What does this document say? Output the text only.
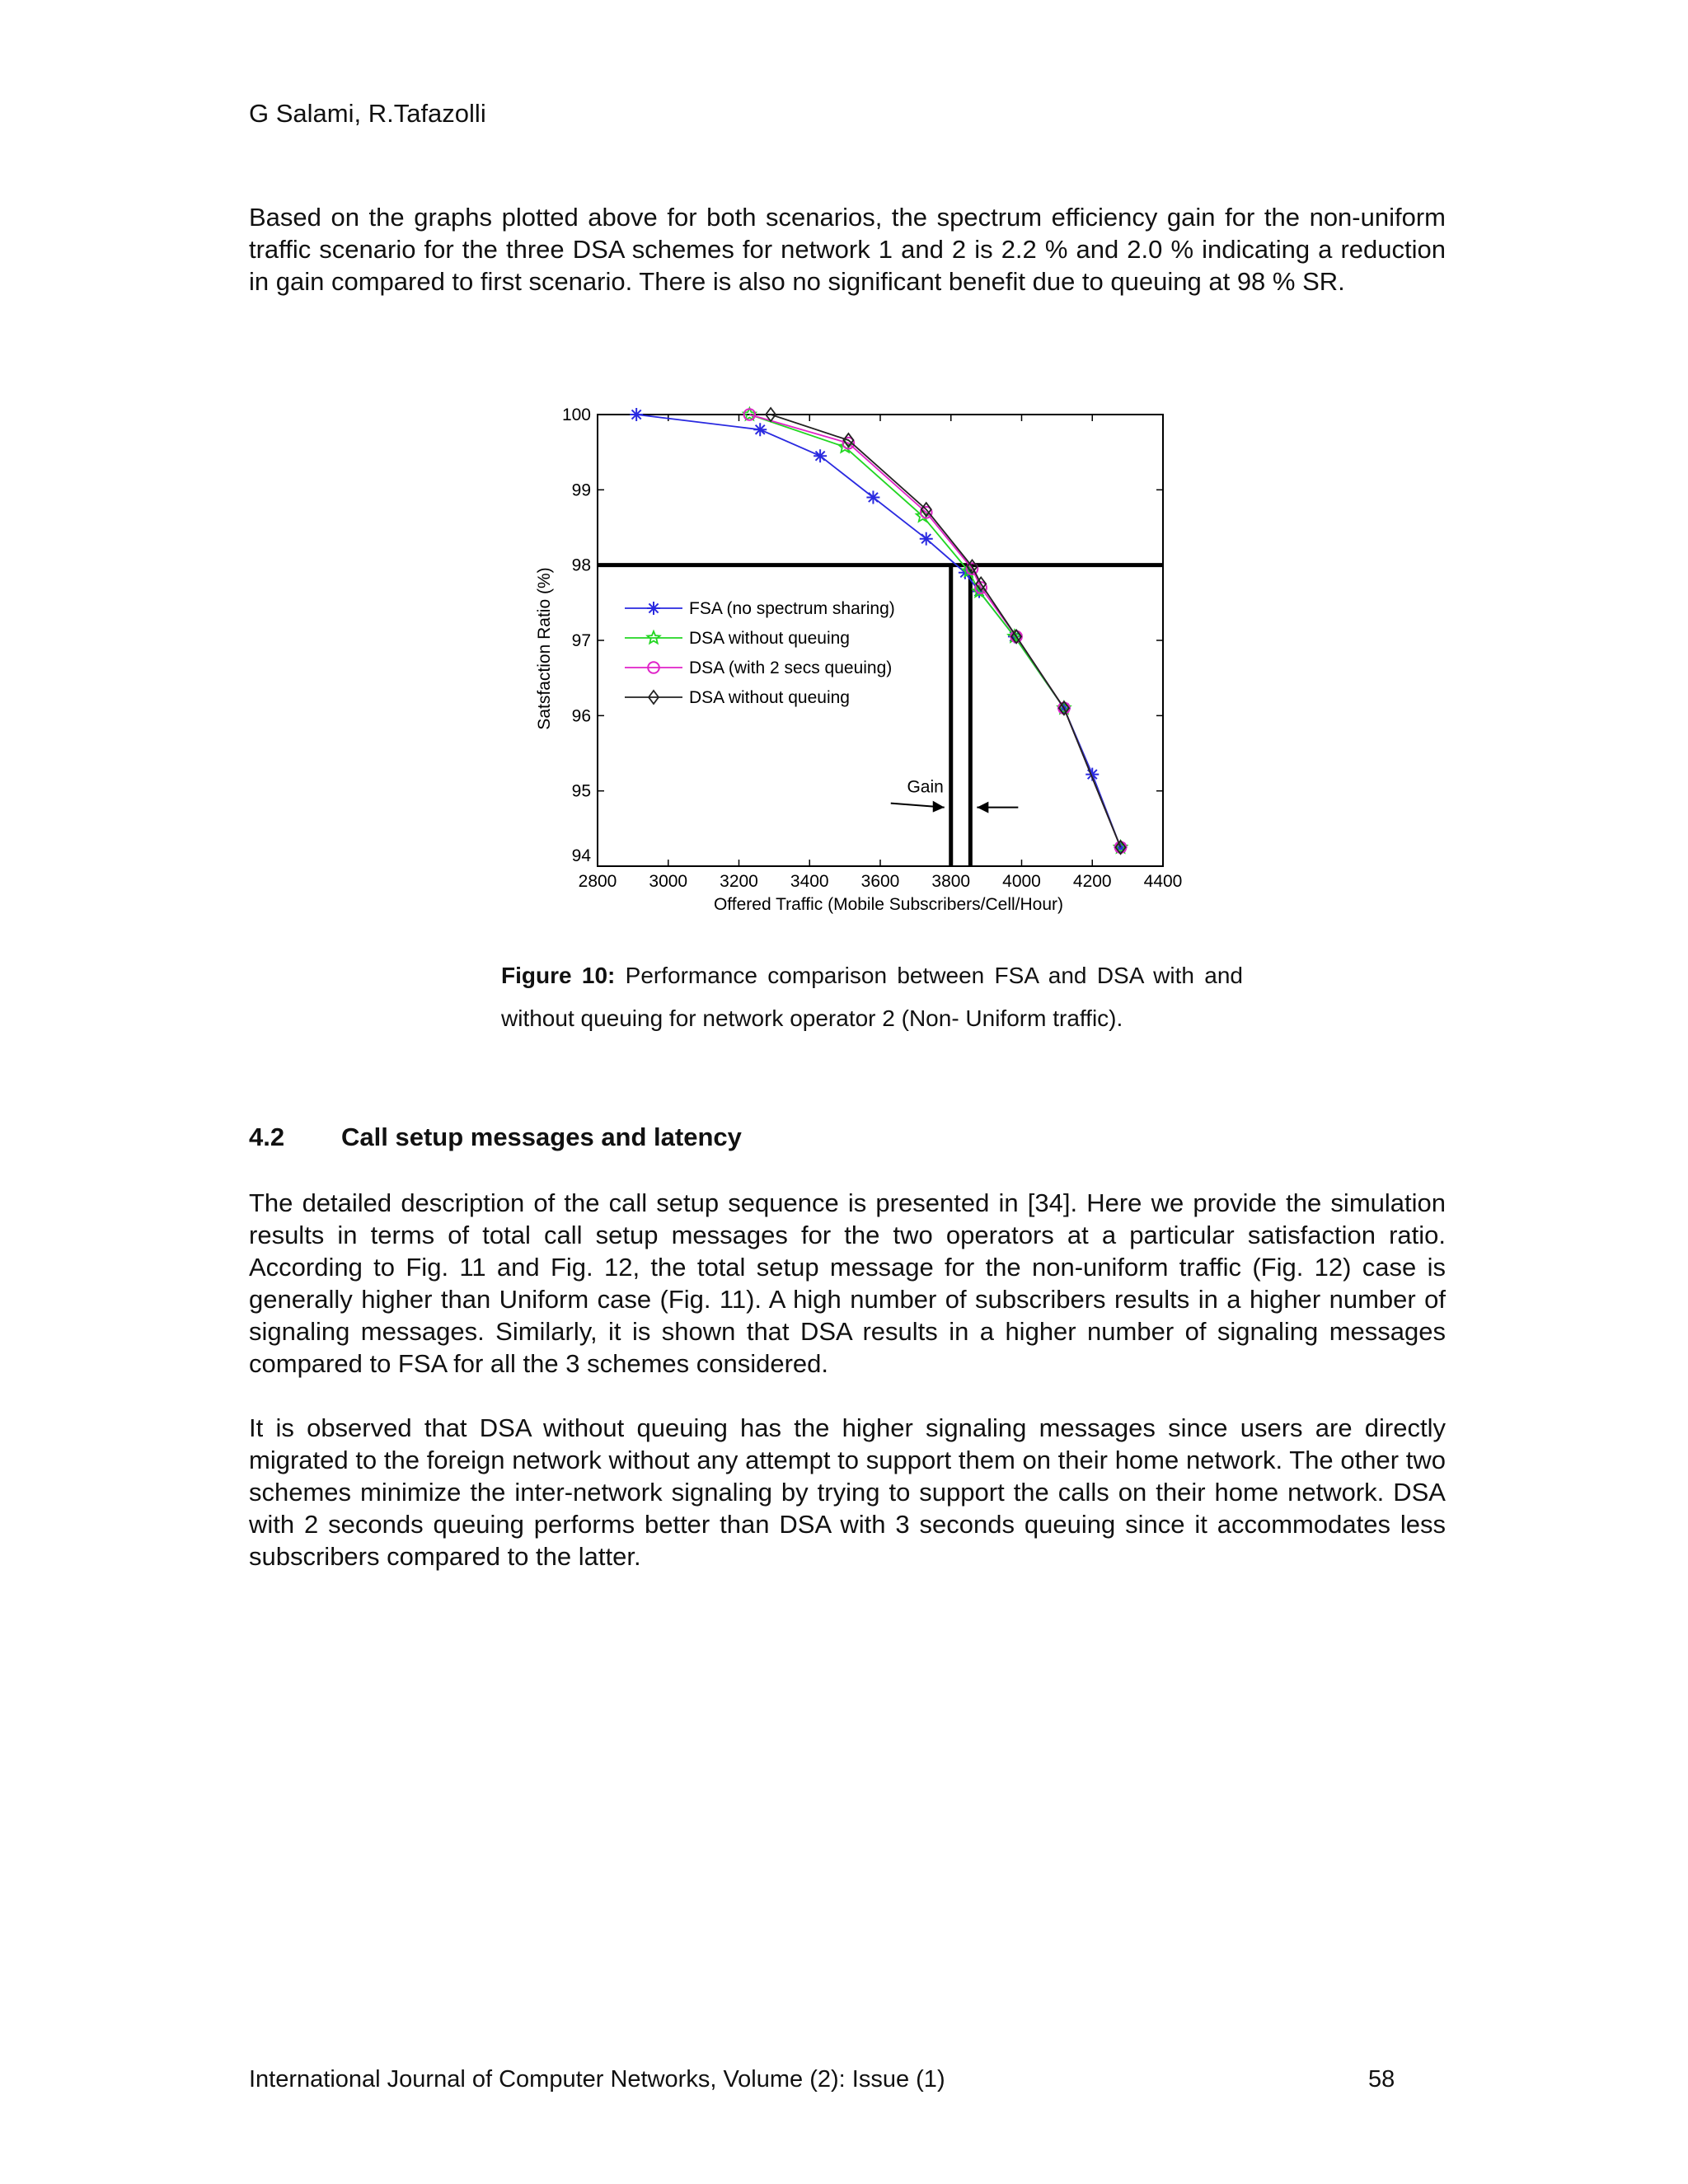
G Salami, R.Tafazolli

Based on the graphs plotted above for both scenarios, the spectrum efficiency gain for the non-uniform traffic scenario for the three DSA schemes for network 1 and 2 is 2.2 % and 2.0 % indicating a reduction in gain compared to first scenario. There is also no significant benefit due to queuing at 98 % SR.

2800 3000 3200 3400 3600 3800 4000 4200 4400
94
95
96
97
98
99
100
Offered Traffic (Mobile Subscribers/Cell/Hour)
Satsfaction Ratio (%)	FSA (no spectrum sharing)
DSA without queuing
DSA (with 2 secs queuing)
DSA without queuing
Gain
Figure 10: Performance comparison between FSA and DSA with and without queuing for network operator 2 (Non- Uniform traffic).
4.2 Call setup messages and latency

The detailed description of the call setup sequence is presented in [34]. Here we provide the simulation results in terms of total call setup messages for the two operators at a particular satisfaction ratio. According to Fig. 11 and Fig. 12, the total setup message for the non-uniform traffic (Fig. 12) case is generally higher than Uniform case (Fig. 11). A high number of subscribers results in a higher number of signaling messages. Similarly, it is shown that DSA results in a higher number of signaling messages compared to FSA for all the 3 schemes considered.

It is observed that DSA without queuing has the higher signaling messages since users are directly migrated to the foreign network without any attempt to support them on their home network. The other two schemes minimize the inter-network signaling by trying to support the calls on their home network. DSA with 2 seconds queuing performs better than DSA with 3 seconds queuing since it accommodates less subscribers compared to the latter.

International Journal of Computer Networks, Volume (2): Issue (1)	58
